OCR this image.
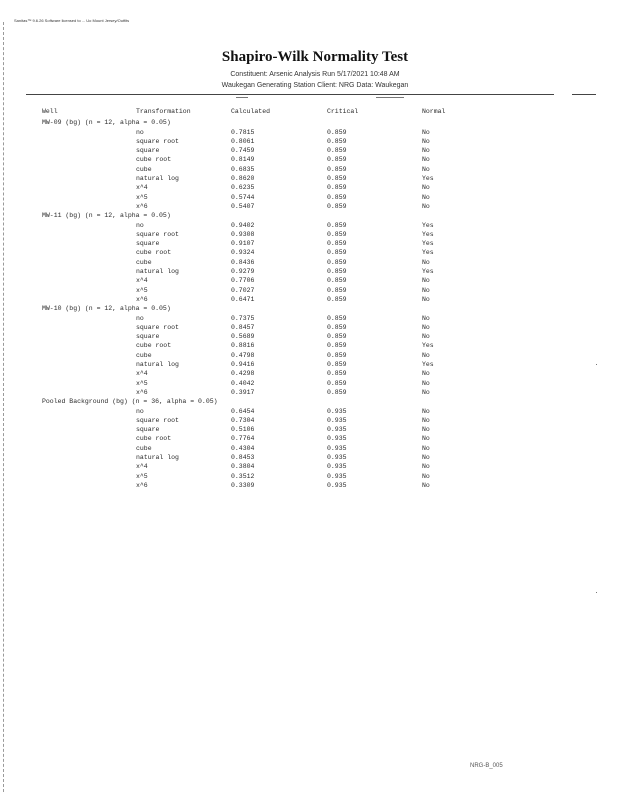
Sanitas™ 9.6.26 Software licensed to ... Uo Mount Jersey/Outfits
Shapiro-Wilk Normality Test
Constituent: Arsenic Analysis Run 5/17/2021 10:48 AM
Waukegan Generating Station Client: NRG Data: Waukegan
Well	Transformation	Calculated	Critical	Normal
MW-09 (bg) (n = 12, alpha = 0.05)
no	0.7815	0.859	No
square root	0.8061	0.859	No
square	0.7459	0.859	No
cube root	0.8149	0.859	No
cube	0.6835	0.859	No
natural log	0.8620	0.859	Yes
x^4	0.6235	0.859	No
x^5	0.5744	0.859	No
x^6	0.5407	0.859	No
MW-11 (bg) (n = 12, alpha = 0.05)
no	0.9402	0.859	Yes
square root	0.9308	0.859	Yes
square	0.9107	0.859	Yes
cube root	0.9324	0.859	Yes
cube	0.8436	0.859	No
natural log	0.9279	0.859	Yes
x^4	0.7706	0.859	No
x^5	0.7027	0.859	No
x^6	0.6471	0.859	No
MW-10 (bg) (n = 12, alpha = 0.05)
no	0.7375	0.859	No
square root	0.8457	0.859	No
square	0.5689	0.859	No
cube root	0.8816	0.859	Yes
cube	0.4798	0.859	No
natural log	0.9416	0.859	Yes
x^4	0.4298	0.859	No
x^5	0.4042	0.859	No
x^6	0.3917	0.859	No
Pooled Background (bg) (n = 36, alpha = 0.05)
no	0.6454	0.935	No
square root	0.7304	0.935	No
square	0.5106	0.935	No
cube root	0.7764	0.935	No
cube	0.4304	0.935	No
natural log	0.8453	0.935	No
x^4	0.3804	0.935	No
x^5	0.3512	0.935	No
x^6	0.3309	0.935	No
NRG-B_005
